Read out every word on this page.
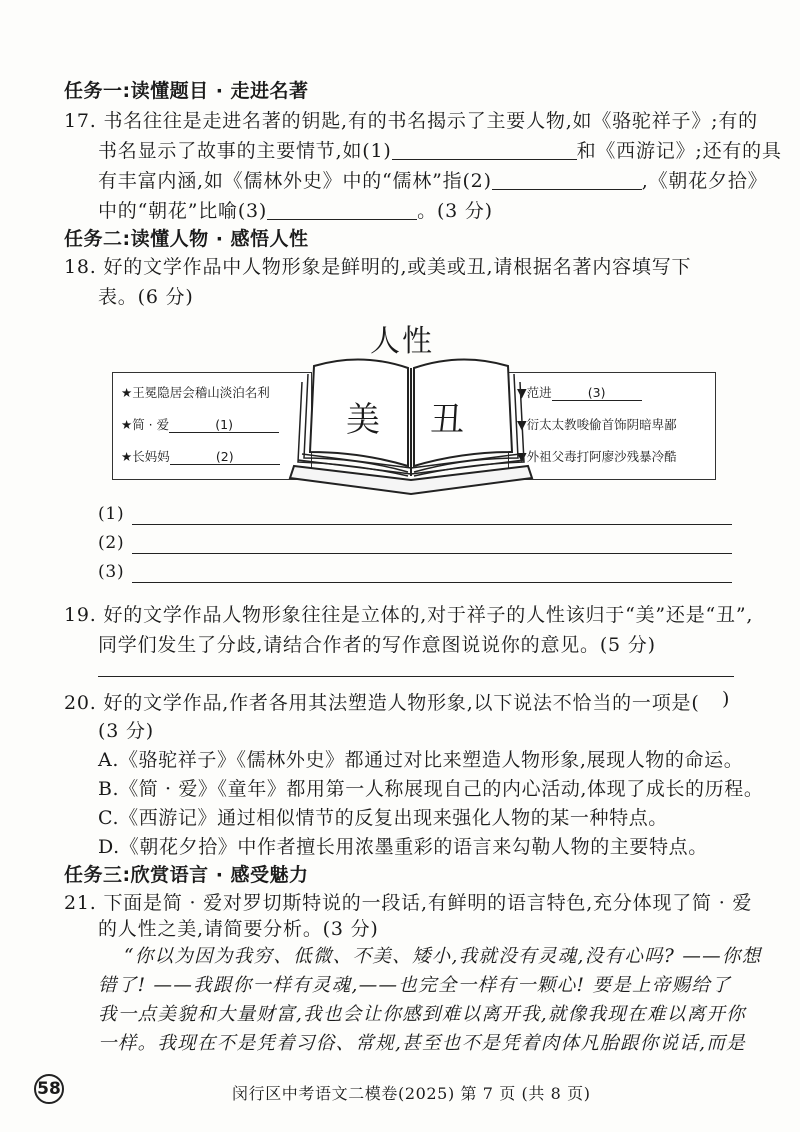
任务一:读懂题目 · 走进名著
17. 书名往往是走进名著的钥匙,有的书名揭示了主要人物,如《骆驼祥子》;有的
书名显示了故事的主要情节,如(1)	和《西游记》;还有的具
有丰富内涵,如《儒林外史》中的“儒林”指(2)	,《朝花夕拾》
中的“朝花”比喻(3)	。(3 分)
任务二:读懂人物 · 感悟人性
18. 好的文学作品中人物形象是鲜明的,或美或丑,请根据名著内容填写下
表。(6 分)
人性
★王冕隐居会稽山淡泊名利
★简 · 爱	(1)
★长妈妈	(2)
▼范进	(3)
▼衍太太教唆偷首饰阴暗卑鄙
▼外祖父毒打阿廖沙残暴冷酷
美 丑
(1)
(2)
(3)
19. 好的文学作品人物形象往往是立体的,对于祥子的人性该归于“美”还是“丑”,
同学们发生了分歧,请结合作者的写作意图说说你的意见。(5 分)
20. 好的文学作品,作者各用其法塑造人物形象,以下说法不恰当的一项是( )
(3 分)
A.《骆驼祥子》《儒林外史》都通过对比来塑造人物形象,展现人物的命运。
B.《简 · 爱》《童年》都用第一人称展现自己的内心活动,体现了成长的历程。
C.《西游记》通过相似情节的反复出现来强化人物的某一种特点。
D.《朝花夕拾》中作者擅长用浓墨重彩的语言来勾勒人物的主要特点。
任务三:欣赏语言 · 感受魅力
21. 下面是简 · 爱对罗切斯特说的一段话,有鲜明的语言特色,充分体现了简 · 爱
的人性之美,请简要分析。(3 分)
“你以为因为我穷、低微、不美、矮小,我就没有灵魂,没有心吗? ——你想
错了! ——我跟你一样有灵魂,——也完全一样有一颗心! 要是上帝赐给了
我一点美貌和大量财富,我也会让你感到难以离开我,就像我现在难以离开你
一样。我现在不是凭着习俗、常规,甚至也不是凭着肉体凡胎跟你说话,而是
58	闵行区中考语文二模卷(2025) 第 7 页 (共 8 页)
